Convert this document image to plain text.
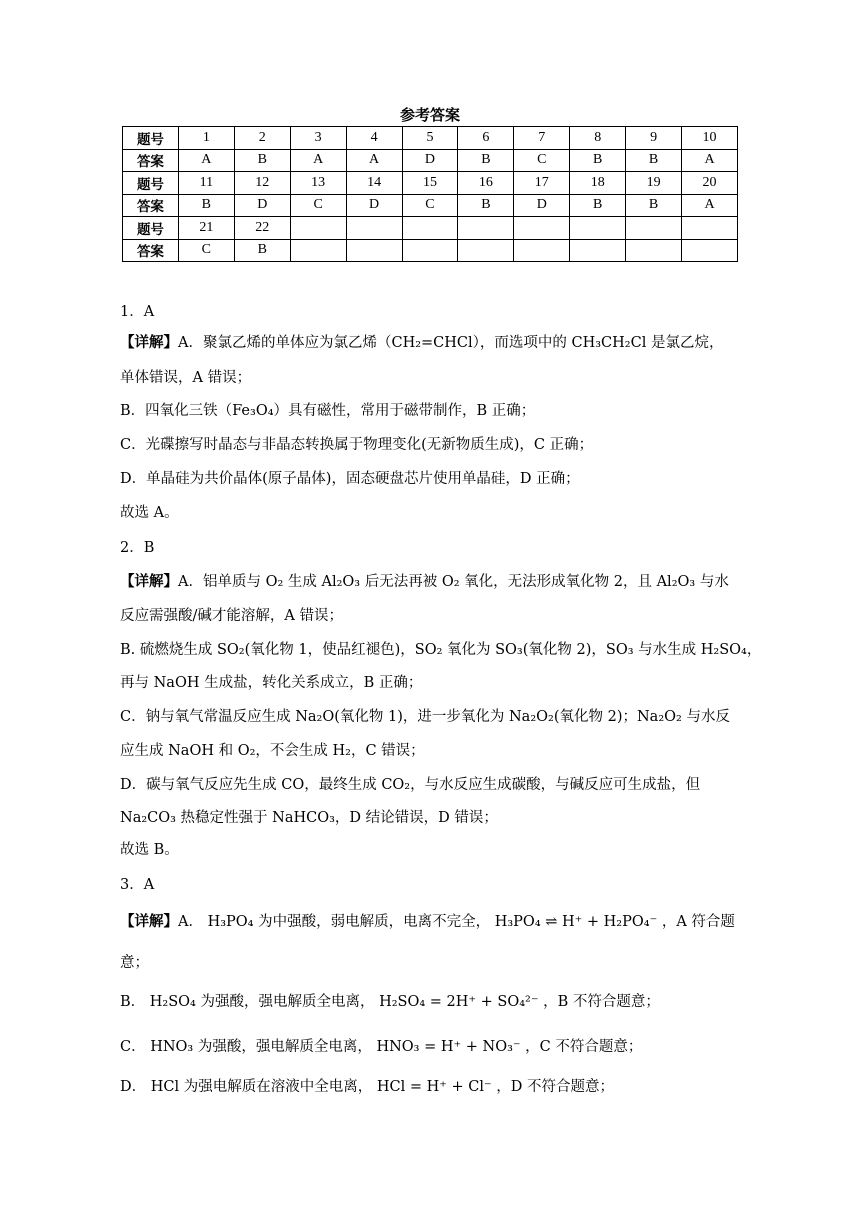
参考答案
题号	1	2	3	4	5	6	7	8	9	10
答案	A	B	A	A	D	B	C	B	B	A
题号	11	12	13	14	15	16	17	18	19	20
答案	B	D	C	D	C	B	D	B	B	A
题号	21	22								
答案	C	B								
1．A
【详解】A．聚氯乙烯的单体应为氯乙烯（CH₂=CHCl），而选项中的 CH₃CH₂Cl 是氯乙烷，
单体错误，A 错误；
B．四氧化三铁（Fe₃O₄）具有磁性，常用于磁带制作，B 正确；
C．光碟擦写时晶态与非晶态转换属于物理变化(无新物质生成)，C 正确；
D．单晶硅为共价晶体(原子晶体)，固态硬盘芯片使用单晶硅，D 正确；
故选 A。
2．B
【详解】A．铝单质与 O₂ 生成 Al₂O₃ 后无法再被 O₂ 氧化，无法形成氧化物 2，且 Al₂O₃ 与水
反应需强酸/碱才能溶解，A 错误；
B. 硫燃烧生成 SO₂(氧化物 1，使品红褪色)，SO₂ 氧化为 SO₃(氧化物 2)，SO₃ 与水生成 H₂SO₄，
再与 NaOH 生成盐，转化关系成立，B 正确；
C．钠与氧气常温反应生成 Na₂O(氧化物 1)，进一步氧化为 Na₂O₂(氧化物 2)；Na₂O₂ 与水反
应生成 NaOH 和 O₂，不会生成 H₂，C 错误；
D．碳与氧气反应先生成 CO，最终生成 CO₂，与水反应生成碳酸，与碱反应可生成盐，但
Na₂CO₃ 热稳定性强于 NaHCO₃，D 结论错误，D 错误；
故选 B。
3．A
【详解】A． H₃PO₄ 为中强酸，弱电解质，电离不完全， H₃PO₄ ⇌ H⁺ + H₂PO₄⁻ ，A 符合题
意；
B． H₂SO₄ 为强酸，强电解质全电离， H₂SO₄ = 2H⁺ + SO₄²⁻ ，B 不符合题意；
C． HNO₃ 为强酸，强电解质全电离， HNO₃ = H⁺ + NO₃⁻ ，C 不符合题意；
D． HCl 为强电解质在溶液中全电离， HCl = H⁺ + Cl⁻ ，D 不符合题意；
